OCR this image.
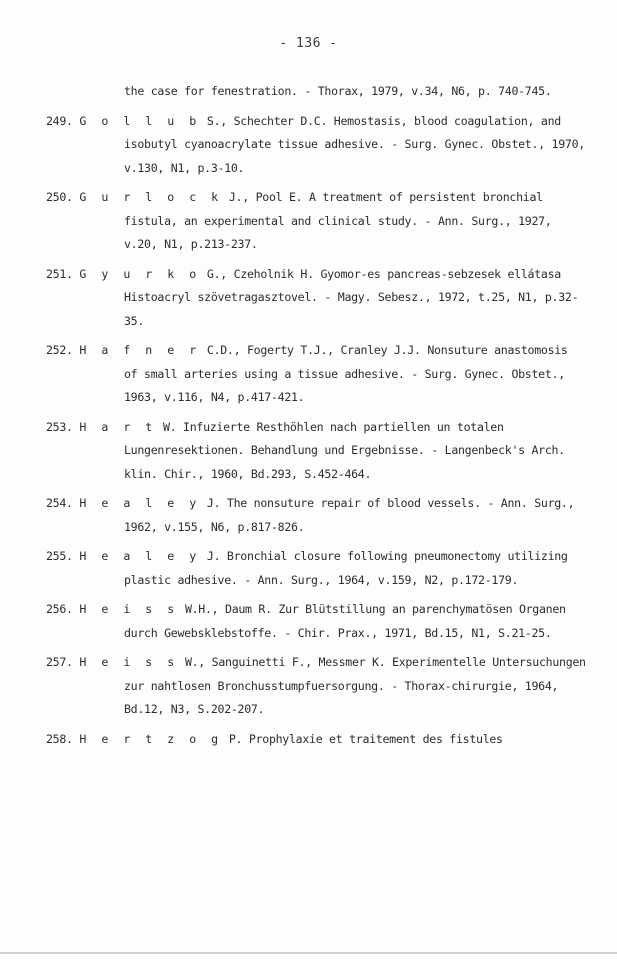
- 136 -
the case for fenestration. - Thorax, 1979, v.34, N6, p. 740-745.
249. G o l l u b S., Schechter D.C. Hemostasis, blood coagulation, and isobutyl cyanoacrylate tissue adhesive. - Surg. Gynec. Obstet., 1970, v.130, N1, p.3-10.
250. G u r l o c k J., Pool E. A treatment of persistent bronchial fistula, an experimental and clinical study. - Ann. Surg., 1927, v.20, N1, p.213-237.
251. G y u r k o G., Czeholnik H. Gyomor-es pancreas-sebzesek ellátasa Histoacryl szövetragasztovel. - Magy. Sebesz., 1972, t.25, N1, p.32-35.
252. H a f n e r C.D., Fogerty T.J., Cranley J.J. Nonsuture anastomosis of small arteries using a tissue adhesive. - Surg. Gynec. Obstet., 1963, v.116, N4, p.417-421.
253. H a r t W. Infuzierte Resthöhlen nach partiellen un totalen Lungenresektionen. Behandlung und Ergebnisse. - Langenbeck's Arch. klin. Chir., 1960, Bd.293, S.452-464.
254. H e a l e y J. The nonsuture repair of blood vessels. - Ann. Surg., 1962, v.155, N6, p.817-826.
255. H e a l e y J. Bronchial closure following pneumonectomy utilizing plastic adhesive. - Ann. Surg., 1964, v.159, N2, p.172-179.
256. H e i s s W.H., Daum R. Zur Blütstillung an parenchymatösen Organen durch Gewebsklebstoffe. - Chir. Prax., 1971, Bd.15, N1, S.21-25.
257. H e i s s W., Sanguinetti F., Messmer K. Experimentelle Untersuchungen zur nahtlosen Bronchusstumpfuersorgung. - Thorax-chirurgie, 1964, Bd.12, N3, S.202-207.
258. H e r t z o g P. Prophylaxie et traitement des fistules
